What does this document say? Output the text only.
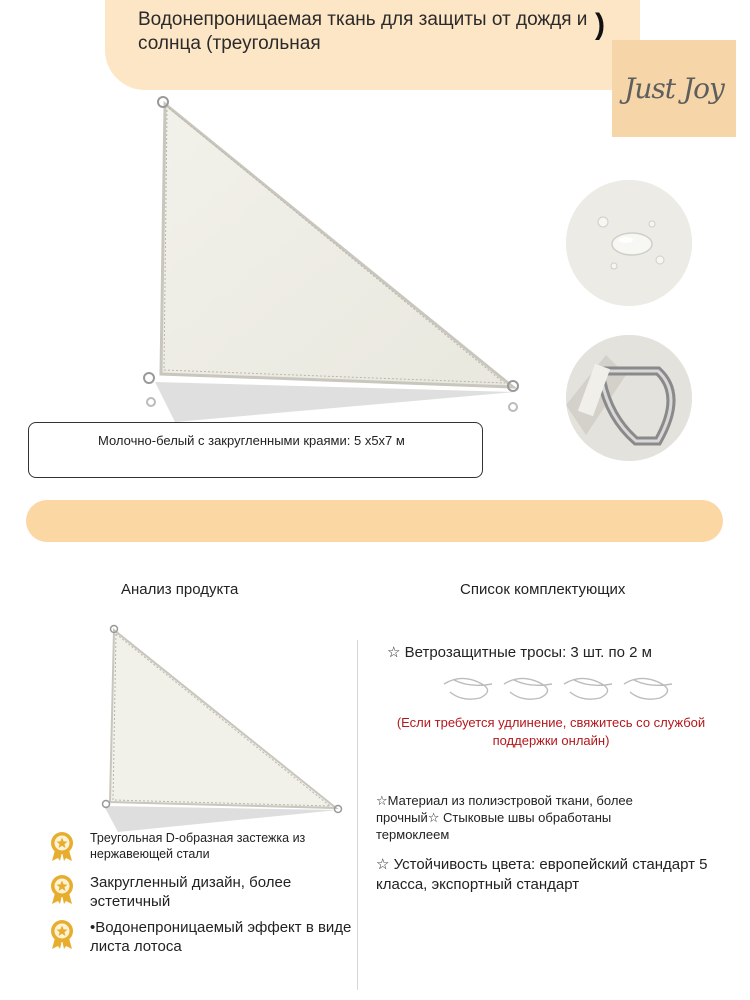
Водонепроницаемая ткань для защиты от дождя и солнца (треугольная
)
Just Joy
Молочно-белый с закругленными краями: 5 x5x7 м
Анализ продукта	Список комплектующих
Треугольная D-образная застежка из нержавеющей стали
Закругленный дизайн, более эстетичный
•Водонепроницаемый эффект в виде листа лотоса
☆ Ветрозащитные тросы: 3 шт. по 2 м
(Если требуется удлинение, свяжитесь со службой поддержки онлайн)
☆Материал из полиэстровой ткани, более прочный☆ Стыковые швы обработаны термоклеем
☆ Устойчивость цвета: европейский стандарт 5 класса, экспортный стандарт
